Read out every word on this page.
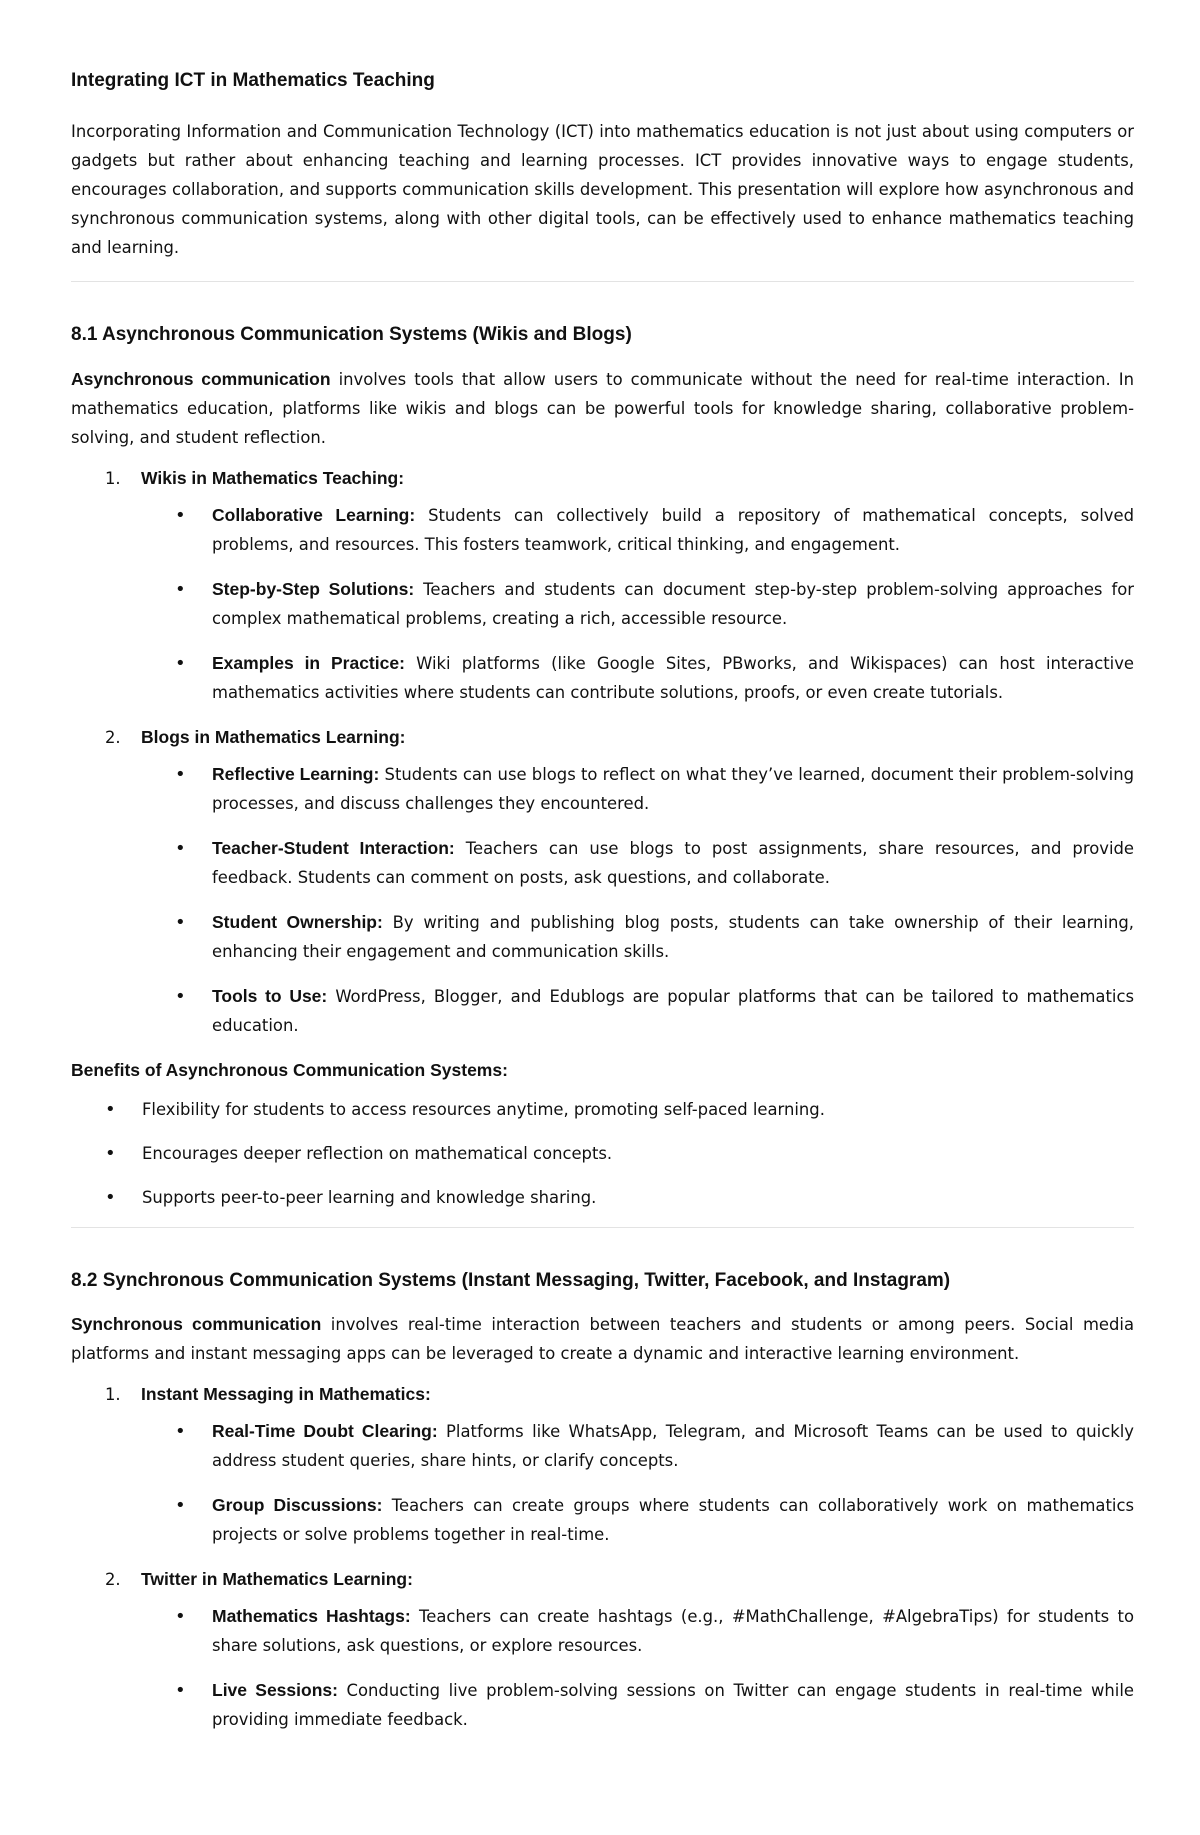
Integrating ICT in Mathematics Teaching

Incorporating Information and Communication Technology (ICT) into mathematics education is not just about using computers or gadgets but rather about enhancing teaching and learning processes. ICT provides innovative ways to engage students, encourages collaboration, and supports communication skills development. This presentation will explore how asynchronous and synchronous communication systems, along with other digital tools, can be effectively used to enhance mathematics teaching and learning.

8.1 Asynchronous Communication Systems (Wikis and Blogs)

Asynchronous communication involves tools that allow users to communicate without the need for real-time interaction. In mathematics education, platforms like wikis and blogs can be powerful tools for knowledge sharing, collaborative problem-solving, and student reflection.

1. Wikis in Mathematics Teaching:

• Collaborative Learning: Students can collectively build a repository of mathematical concepts, solved problems, and resources. This fosters teamwork, critical thinking, and engagement.
• Step-by-Step Solutions: Teachers and students can document step-by-step problem-solving approaches for complex mathematical problems, creating a rich, accessible resource.
• Examples in Practice: Wiki platforms (like Google Sites, PBworks, and Wikispaces) can host interactive mathematics activities where students can contribute solutions, proofs, or even create tutorials.
2. Blogs in Mathematics Learning:

• Reflective Learning: Students can use blogs to reflect on what they’ve learned, document their problem-solving processes, and discuss challenges they encountered.
• Teacher-Student Interaction: Teachers can use blogs to post assignments, share resources, and provide feedback. Students can comment on posts, ask questions, and collaborate.
• Student Ownership: By writing and publishing blog posts, students can take ownership of their learning, enhancing their engagement and communication skills.
• Tools to Use: WordPress, Blogger, and Edublogs are popular platforms that can be tailored to mathematics education.

Benefits of Asynchronous Communication Systems:

• Flexibility for students to access resources anytime, promoting self-paced learning.
• Encourages deeper reflection on mathematical concepts.
• Supports peer-to-peer learning and knowledge sharing.
8.2 Synchronous Communication Systems (Instant Messaging, Twitter, Facebook, and Instagram)

Synchronous communication involves real-time interaction between teachers and students or among peers. Social media platforms and instant messaging apps can be leveraged to create a dynamic and interactive learning environment.

1. Instant Messaging in Mathematics:

• Real-Time Doubt Clearing: Platforms like WhatsApp, Telegram, and Microsoft Teams can be used to quickly address student queries, share hints, or clarify concepts.
• Group Discussions: Teachers can create groups where students can collaboratively work on mathematics projects or solve problems together in real-time.
2. Twitter in Mathematics Learning:

• Mathematics Hashtags: Teachers can create hashtags (e.g., #MathChallenge, #AlgebraTips) for students to share solutions, ask questions, or explore resources.
• Live Sessions: Conducting live problem-solving sessions on Twitter can engage students in real-time while providing immediate feedback.
